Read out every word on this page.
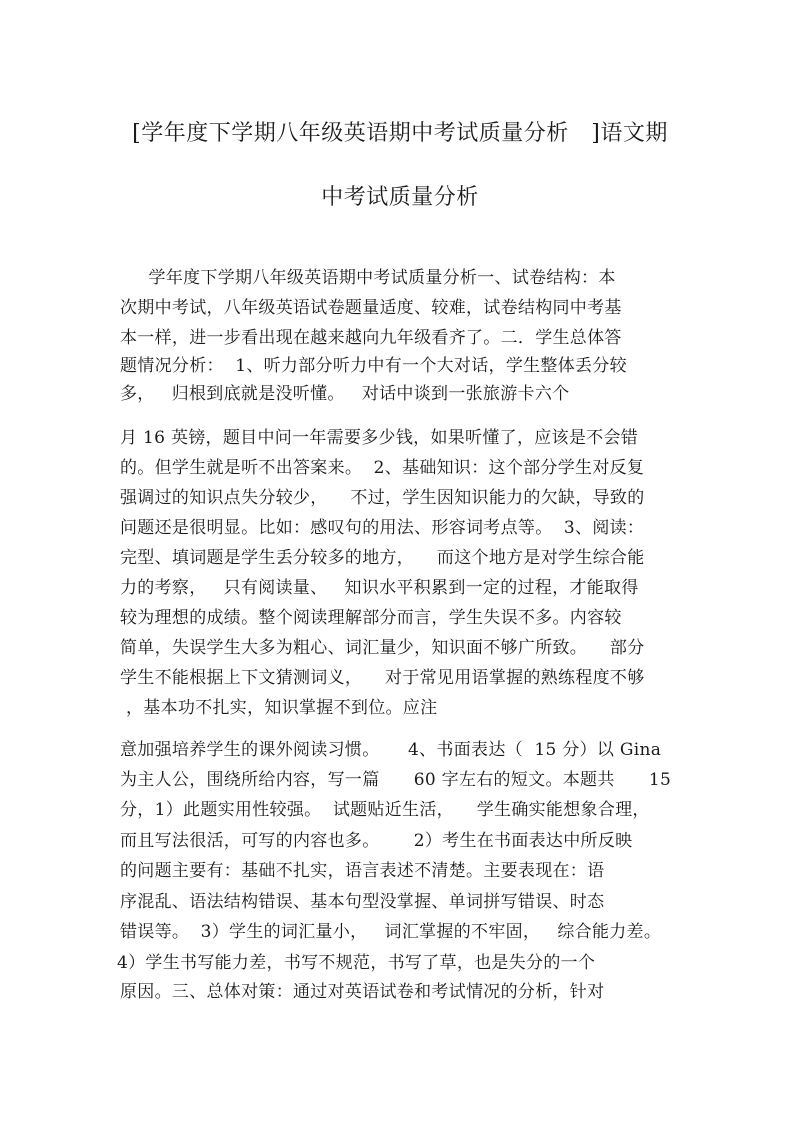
[学年度下学期八年级英语期中考试质量分析   ]语文期
中考试质量分析
学年度下学期八年级英语期中考试质量分析一、试卷结构：本
次期中考试，八年级英语试卷题量适度、较难，试卷结构同中考基
本一样，进一步看出现在越来越向九年级看齐了。二．学生总体答
题情况分析：  1、听力部分听力中有一个大对话，学生整体丢分较
多，   归根到底就是没听懂。   对话中谈到一张旅游卡六个
月 16 英镑，题目中问一年需要多少钱，如果听懂了，应该是不会错
的。但学生就是听不出答案来。  2、基础知识：这个部分学生对反复
强调过的知识点失分较少，    不过，学生因知识能力的欠缺，导致的
问题还是很明显。比如：感叹句的用法、形容词考点等。  3、阅读：
完型、填词题是学生丢分较多的地方，    而这个地方是对学生综合能
力的考察，   只有阅读量、   知识水平积累到一定的过程，才能取得
较为理想的成绩。整个阅读理解部分而言，学生失误不多。内容较
简单，失误学生大多为粗心、词汇量少，知识面不够广所致。    部分
学生不能根据上下文猜测词义，    对于常见用语掌握的熟练程度不够
，基本功不扎实，知识掌握不到位。应注
意加强培养学生的课外阅读习惯。     4、书面表达（  15 分）以 Gina
为主人公，围绕所给内容，写一篇      60 字左右的短文。本题共      15
分，1）此题实用性较强。  试题贴近生活，    学生确实能想象合理，
而且写法很活，可写的内容也多。      2）考生在书面表达中所反映
的问题主要有：基础不扎实，语言表述不清楚。主要表现在：语
序混乱、语法结构错误、基本句型没掌握、单词拼写错误、时态
错误等。  3）学生的词汇量小，   词汇掌握的不牢固，   综合能力差。
4）学生书写能力差，书写不规范，书写了草，也是失分的一个
原因。三、总体对策：通过对英语试卷和考试情况的分析，针对
